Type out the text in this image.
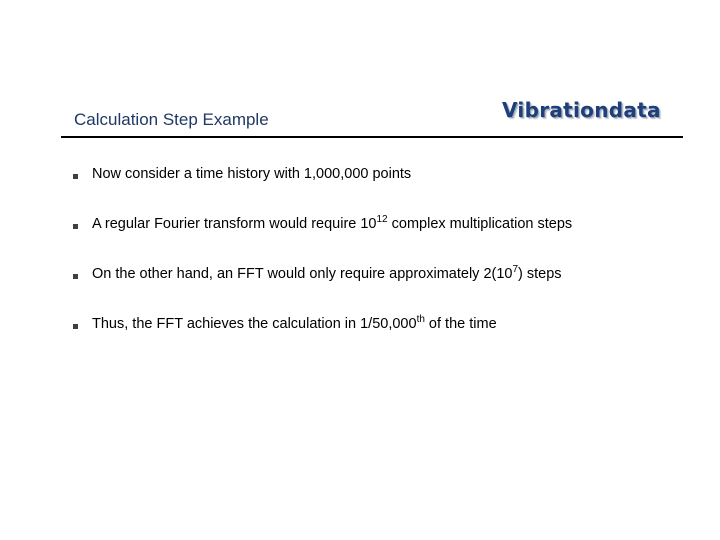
Calculation Step Example	Vibrationdata
Now consider a time history with 1,000,000 points
A regular Fourier transform would require $10^{12}$ complex multiplication steps
On the other hand, an FFT would only require approximately $2(10^7)$ steps
Thus, the FFT achieves the calculation in 1/50,000th of the time
